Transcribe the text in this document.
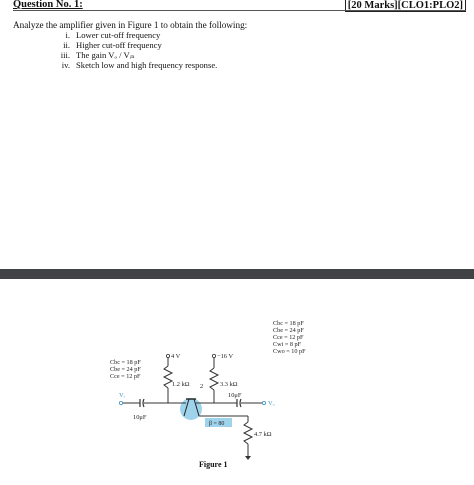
Question No. 1:	[20 Marks][CLO1:PLO2]
Analyze the amplifier given in Figure 1 to obtain the following:
i. Lower cut-off frequency
ii. Higher cut-off frequency
iii. The gain Vₒ / Vᵢₙ
iv. Sketch low and high frequency response.
Cbc = 18 pF
Cbe = 24 pF
Cce = 12 pF
Cbc = 18 pF
Cbe = 24 pF
Cce = 12 pF
Cwi = 8 pF
Cwo = 10 pF
4 V	−16 V
1.2 kΩ 2	3.3 kΩ
10μF
Vₒ
Vᵢ
10μF
β = 80
4.7 kΩ
Figure 1
